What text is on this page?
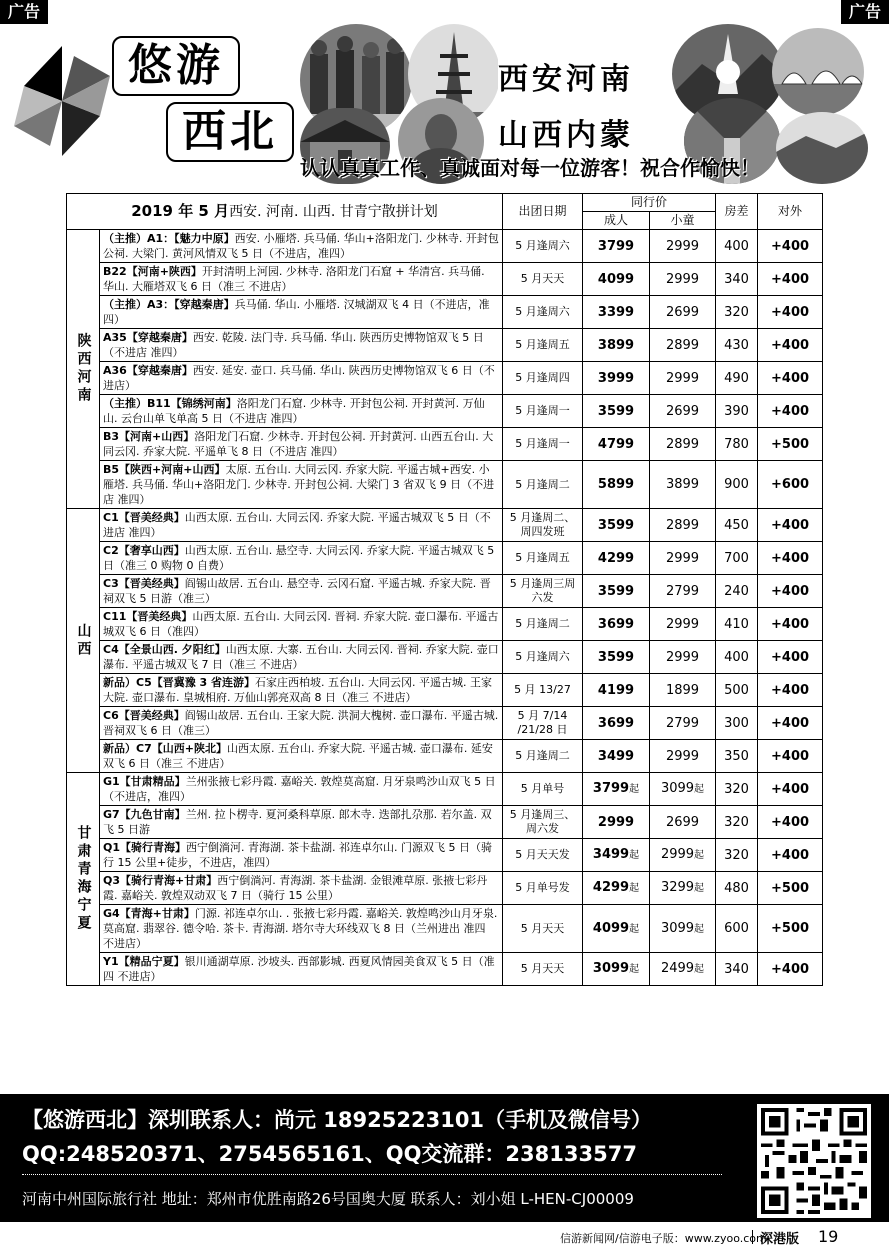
广告	广告
悠游
西北
西安河南
山西内蒙
认认真真工作、真诚面对每一位游客！祝合作愉快！
2019 年 5 月西安. 河南. 山西. 甘青宁散拼计划		出团日期	同行价		房差	对外
			成人	小童		
陕西河南	（主推）A1：【魅力中原】西安. 小雁塔. 兵马俑. 华山+洛阳龙门. 少林寺. 开封包公祠. 大梁门. 黄河风情双飞 5 日（不进店，准四）	5 月逢周六	3799	2999	400	+400
	B22【河南+陕西】开封清明上河园. 少林寺. 洛阳龙门石窟 + 华清宫. 兵马俑. 华山. 大雁塔双飞 6 日（准三 不进店）	5 月天天	4099	2999	340	+400
	（主推）A3：【穿越秦唐】兵马俑. 华山. 小雁塔. 汉城湖双飞 4 日（不进店，准四）	5 月逢周六	3399	2699	320	+400
	A35【穿越秦唐】西安. 乾陵. 法门寺. 兵马俑. 华山. 陕西历史博物馆双飞 5 日（不进店 准四）	5 月逢周五	3899	2899	430	+400
	A36【穿越秦唐】西安. 延安. 壶口. 兵马俑. 华山. 陕西历史博物馆双飞 6 日（不进店）	5 月逢周四	3999	2999	490	+400
	（主推）B11【锦绣河南】洛阳龙门石窟. 少林寺. 开封包公祠. 开封黄河. 万仙山. 云台山单飞单高 5 日（不进店 准四）	5 月逢周一	3599	2699	390	+400
	B3【河南+山西】洛阳龙门石窟. 少林寺. 开封包公祠. 开封黄河. 山西五台山. 大同云冈. 乔家大院. 平遥单飞 8 日（不进店 准四）	5 月逢周一	4799	2899	780	+500
	B5【陕西+河南+山西】太原. 五台山. 大同云冈. 乔家大院. 平遥古城+西安. 小雁塔. 兵马俑. 华山+洛阳龙门. 少林寺. 开封包公祠. 大梁门 3 省双飞 9 日（不进店 准四）	5 月逢周二	5899	3899	900	+600
山西	C1【晋美经典】山西太原. 五台山. 大同云冈. 乔家大院. 平遥古城双飞 5 日（不进店 准四）	5 月逢周二、周四发班	3599	2899	450	+400
	C2【奢享山西】山西太原. 五台山. 悬空寺. 大同云冈. 乔家大院. 平遥古城双飞 5 日（准三 0 购物 0 自费）	5 月逢周五	4299	2999	700	+400
	C3【晋美经典】阎锡山故居. 五台山. 悬空寺. 云冈石窟. 平遥古城. 乔家大院. 晋祠双飞 5 日游（准三）	5 月逢周三周六发	3599	2799	240	+400
	C11【晋美经典】山西太原. 五台山. 大同云冈. 晋祠. 乔家大院. 壶口瀑布. 平遥古城双飞 6 日（准四）	5 月逢周二	3699	2999	410	+400
	C4【全景山西. 夕阳红】山西太原. 大寨. 五台山. 大同云冈. 晋祠. 乔家大院. 壶口瀑布. 平遥古城双飞 7 日（准三 不进店）	5 月逢周六	3599	2999	400	+400
	新品）C5【晋冀豫 3 省连游】石家庄西柏坡. 五台山. 大同云冈. 平遥古城. 王家大院. 壶口瀑布. 皇城相府. 万仙山郭亮双高 8 日（准三 不进店）	5 月 13/27	4199	1899	500	+400
	C6【晋美经典】阎锡山故居. 五台山. 王家大院. 洪洞大槐树. 壶口瀑布. 平遥古城. 晋祠双飞 6 日（准三）	5 月 7/14 /21/28 日	3699	2799	300	+400
	新品）C7【山西+陕北】山西太原. 五台山. 乔家大院. 平遥古城. 壶口瀑布. 延安双飞 6 日（准三 不进店）	5 月逢周二	3499	2999	350	+400
甘肃青海宁夏	G1【甘肃精品】兰州张掖七彩丹霞. 嘉峪关. 敦煌莫高窟. 月牙泉鸣沙山双飞 5 日（不进店，准四）	5 月单号	3799起	3099起	320	+400
	G7【九色甘南】兰州. 拉卜楞寺. 夏河桑科草原. 郎木寺. 迭部扎尕那. 若尔盖. 双飞 5 日游	5 月逢周三、周六发	2999	2699	320	+400
	Q1【骑行青海】西宁倒淌河. 青海湖. 茶卡盐湖. 祁连卓尔山. 门源双飞 5 日（骑行 15 公里+徒步，不进店，准四）	5 月天天发	3499起	2999起	320	+400
	Q3【骑行青海+甘肃】西宁倒淌河. 青海湖. 茶卡盐湖. 金银滩草原. 张掖七彩丹霞. 嘉峪关. 敦煌双动双飞 7 日（骑行 15 公里）	5 月单号发	4299起	3299起	480	+500
	G4【青海+甘肃】门源. 祁连卓尔山. . 张掖七彩丹霞. 嘉峪关. 敦煌鸣沙山月牙泉. 莫高窟. 翡翠谷. 德令哈. 茶卡. 青海湖. 塔尔寺大环线双飞 8 日（兰州进出 准四 不进店）	5 月天天	4099起	3099起	600	+500
	Y1【精品宁夏】银川通湖草原. 沙坡头. 西部影城. 西夏风情园美食双飞 5 日（准四 不进店）	5 月天天	3099起	2499起	340	+400
【悠游西北】深圳联系人：尚元 18925223101（手机及微信号）
QQ:248520371、2754565161、QQ交流群：238133577
河南中州国际旅行社 地址：郑州市优胜南路26号国奥大厦 联系人：刘小姐 L-HEN-CJ00009
信游新闻网/信游电子版：www.zyoo.com
深港版 19
